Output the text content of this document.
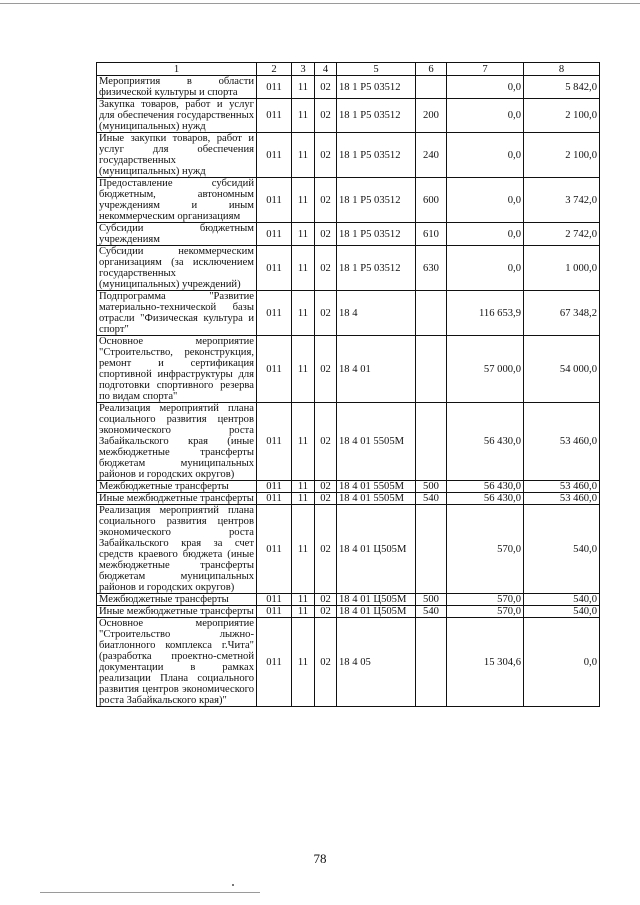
1	2	3	4	5	6	7	8
Мероприятия в области физической культуры и спорта	011	11	02	18 1 P5 03512		0,0	5 842,0
Закупка товаров, работ и услуг для обеспечения государственных (муниципальных) нужд	011	11	02	18 1 P5 03512	200	0,0	2 100,0
Иные закупки товаров, работ и услуг для обеспечения государственных (муниципальных) нужд	011	11	02	18 1 P5 03512	240	0,0	2 100,0
Предоставление субсидий бюджетным, автономным учреждениям и иным некоммерческим организациям	011	11	02	18 1 P5 03512	600	0,0	3 742,0
Субсидии бюджетным учреждениям	011	11	02	18 1 P5 03512	610	0,0	2 742,0
Субсидии некоммерческим организациям (за исключением государственных (муниципальных) учреждений)	011	11	02	18 1 P5 03512	630	0,0	1 000,0
Подпрограмма "Развитие материально-технической базы отрасли "Физическая культура и спорт"	011	11	02	18 4		116 653,9	67 348,2
Основное мероприятие "Строительство, реконструкция, ремонт и сертификация спортивной инфраструктуры для подготовки спортивного резерва по видам спорта"	011	11	02	18 4 01		57 000,0	54 000,0
Реализация мероприятий плана социального развития центров экономического роста Забайкальского края (иные межбюджетные трансферты бюджетам муниципальных районов и городских округов)	011	11	02	18 4 01 5505M		56 430,0	53 460,0
Межбюджетные трансферты	011	11	02	18 4 01 5505M	500	56 430,0	53 460,0
Иные межбюджетные трансферты	011	11	02	18 4 01 5505M	540	56 430,0	53 460,0
Реализация мероприятий плана социального развития центров экономического роста Забайкальского края за счет средств краевого бюджета (иные межбюджетные трансферты бюджетам муниципальных районов и городских округов)	011	11	02	18 4 01 Ц505M		570,0	540,0
Межбюджетные трансферты	011	11	02	18 4 01 Ц505M	500	570,0	540,0
Иные межбюджетные трансферты	011	11	02	18 4 01 Ц505M	540	570,0	540,0
Основное мероприятие "Строительство лыжно-биатлонного комплекса г.Чита" (разработка проектно-сметной документации в рамках реализации Плана социального развития центров экономического роста Забайкальского края)"	011	11	02	18 4 05		15 304,6	0,0
78
